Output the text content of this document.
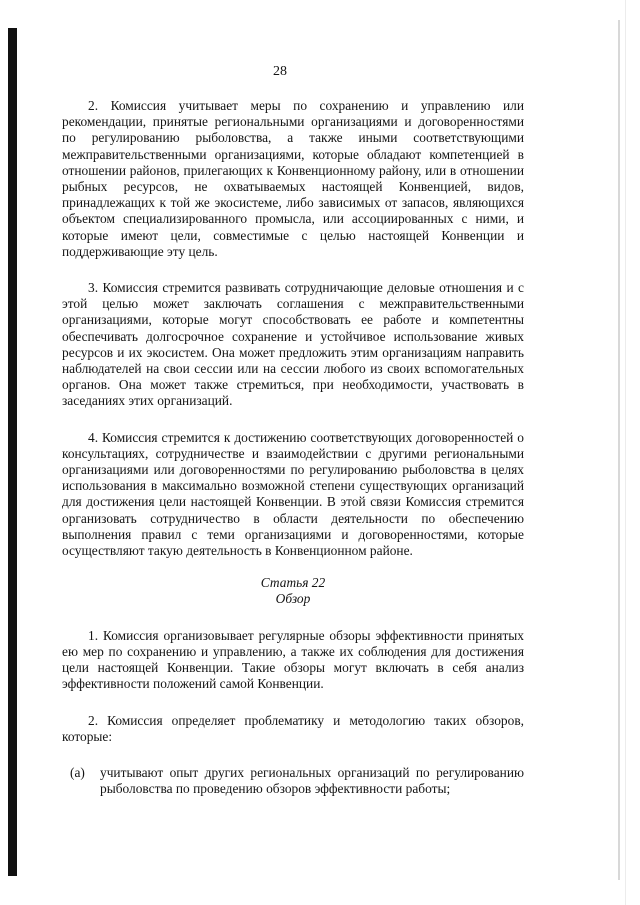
28

2. Комиссия учитывает меры по сохранению и управлению или рекомендации, принятые региональными организациями и договоренностями по регулированию рыболовства, а также иными соответствующими межправительственными организациями, которые обладают компетенцией в отношении районов, прилегающих к Конвенционному району, или в отношении рыбных ресурсов, не охватываемых настоящей Конвенцией, видов, принадлежащих к той же экосистеме, либо зависимых от запасов, являющихся объектом специализированного промысла, или ассоциированных с ними, и которые имеют цели, совместимые с целью настоящей Конвенции и поддерживающие эту цель.

3. Комиссия стремится развивать сотрудничающие деловые отношения и с этой целью может заключать соглашения с межправительственными организациями, которые могут способствовать ее работе и компетентны обеспечивать долгосрочное сохранение и устойчивое использование живых ресурсов и их экосистем. Она может предложить этим организациям направить наблюдателей на свои сессии или на сессии любого из своих вспомогательных органов. Она может также стремиться, при необходимости, участвовать в заседаниях этих организаций.

4. Комиссия стремится к достижению соответствующих договоренностей о консультациях, сотрудничестве и взаимодействии с другими региональными организациями или договоренностями по регулированию рыболовства в целях использования в максимально возможной степени существующих организаций для достижения цели настоящей Конвенции. В этой связи Комиссия стремится организовать сотрудничество в области деятельности по обеспечению выполнения правил с теми организациями и договоренностями, которые осуществляют такую деятельность в Конвенционном районе.

Статья 22

Обзор

1. Комиссия организовывает регулярные обзоры эффективности принятых ею мер по сохранению и управлению, а также их соблюдения для достижения цели настоящей Конвенции. Такие обзоры могут включать в себя анализ эффективности положений самой Конвенции.

2. Комиссия определяет проблематику и методологию таких обзоров, которые:

(а)	учитывают опыт других региональных организаций по регулированию рыболовства по проведению обзоров эффективности работы;
